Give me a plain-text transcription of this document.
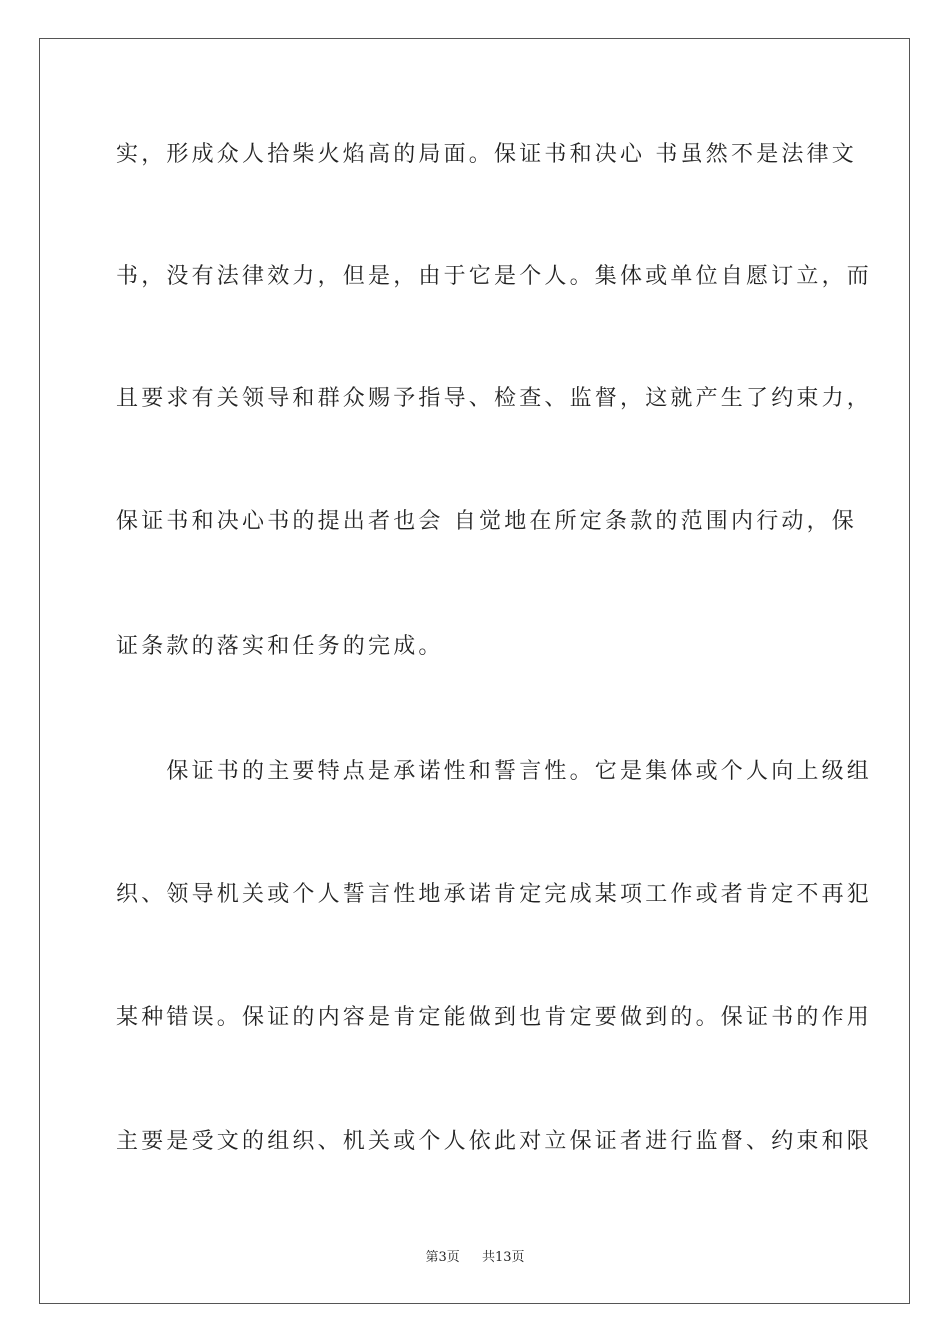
实，形成众人拾柴火焰高的局面。保证书和决心 书虽然不是法律文
书，没有法律效力，但是，由于它是个人。集体或单位自愿订立，而
且要求有关领导和群众赐予指导、检查、监督，这就产生了约束力，
保证书和决心书的提出者也会 自觉地在所定条款的范围内行动，保
证条款的落实和任务的完成。
　　保证书的主要特点是承诺性和誓言性。它是集体或个人向上级组
织、领导机关或个人誓言性地承诺肯定完成某项工作或者肯定不再犯
某种错误。保证的内容是肯定能做到也肯定要做到的。保证书的作用
主要是受文的组织、机关或个人依此对立保证者进行监督、约束和限
第3页 共13页
